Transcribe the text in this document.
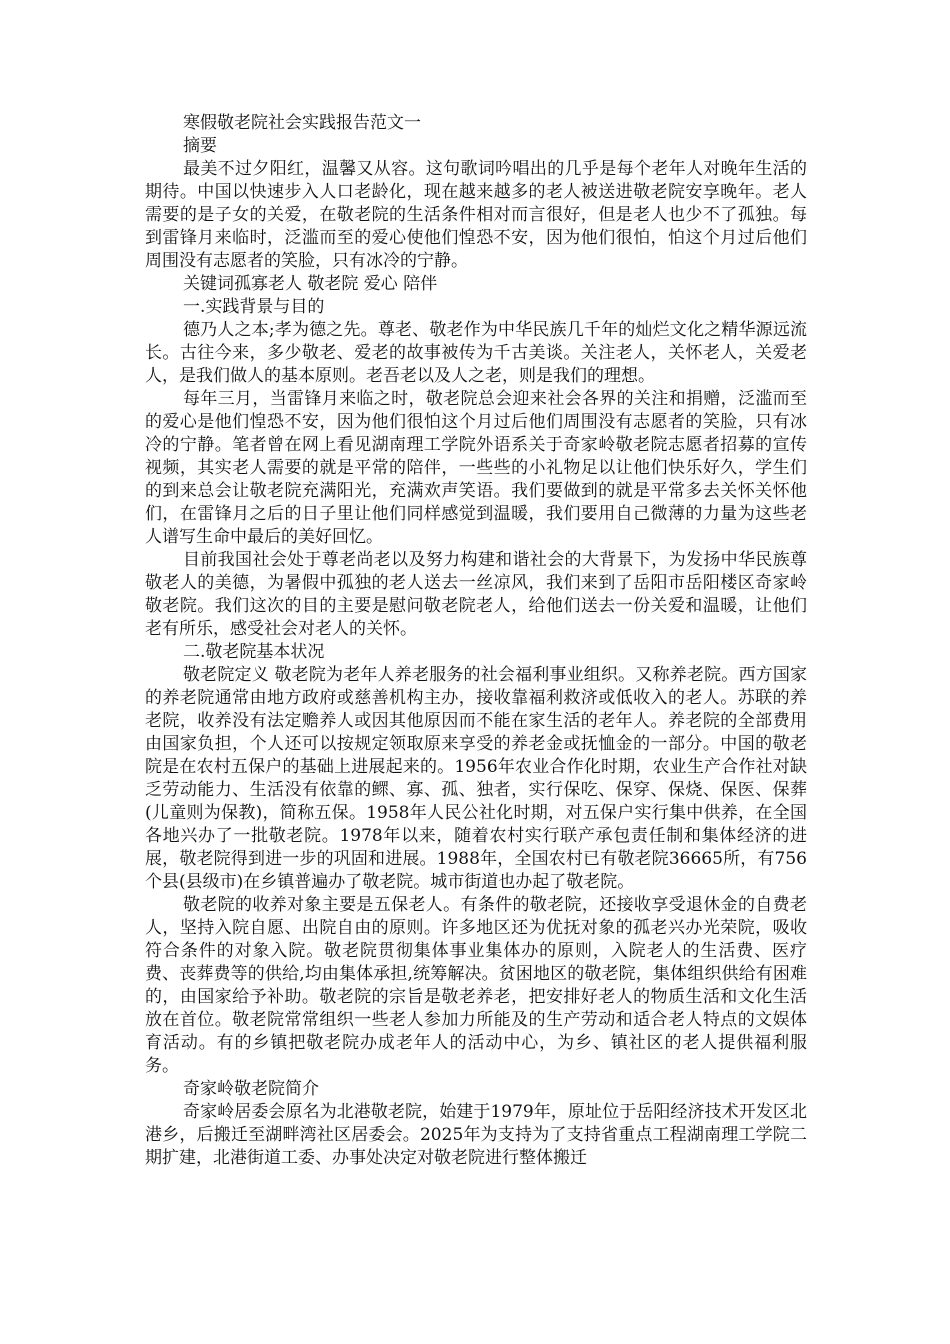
寒假敬老院社会实践报告范文一

摘要

最美不过夕阳红，温馨又从容。这句歌词吟唱出的几乎是每个老年人对晚年生活的期待。中国以快速步入人口老龄化，现在越来越多的老人被送进敬老院安享晚年。老人需要的是子女的关爱，在敬老院的生活条件相对而言很好，但是老人也少不了孤独。每到雷锋月来临时，泛滥而至的爱心使他们惶恐不安，因为他们很怕，怕这个月过后他们周围没有志愿者的笑脸，只有冰冷的宁静。

关键词孤寡老人 敬老院 爱心 陪伴

一.实践背景与目的

德乃人之本;孝为德之先。尊老、敬老作为中华民族几千年的灿烂文化之精华源远流长。古往今来，多少敬老、爱老的故事被传为千古美谈。关注老人，关怀老人，关爱老人，是我们做人的基本原则。老吾老以及人之老，则是我们的理想。

每年三月，当雷锋月来临之时，敬老院总会迎来社会各界的关注和捐赠，泛滥而至的爱心是他们惶恐不安，因为他们很怕这个月过后他们周围没有志愿者的笑脸，只有冰冷的宁静。笔者曾在网上看见湖南理工学院外语系关于奇家岭敬老院志愿者招募的宣传视频，其实老人需要的就是平常的陪伴，一些些的小礼物足以让他们快乐好久，学生们的到来总会让敬老院充满阳光，充满欢声笑语。我们要做到的就是平常多去关怀关怀他们，在雷锋月之后的日子里让他们同样感觉到温暖，我们要用自己微薄的力量为这些老人谱写生命中最后的美好回忆。

目前我国社会处于尊老尚老以及努力构建和谐社会的大背景下，为发扬中华民族尊敬老人的美德，为暑假中孤独的老人送去一丝凉风，我们来到了岳阳市岳阳楼区奇家岭敬老院。我们这次的目的主要是慰问敬老院老人，给他们送去一份关爱和温暖，让他们老有所乐，感受社会对老人的关怀。

二.敬老院基本状况

敬老院定义 敬老院为老年人养老服务的社会福利事业组织。又称养老院。西方国家的养老院通常由地方政府或慈善机构主办，接收靠福利救济或低收入的老人。苏联的养老院，收养没有法定赡养人或因其他原因而不能在家生活的老年人。养老院的全部费用由国家负担，个人还可以按规定领取原来享受的养老金或抚恤金的一部分。中国的敬老院是在农村五保户的基础上进展起来的。1956年农业合作化时期，农业生产合作社对缺乏劳动能力、生活没有依靠的鳏、寡、孤、独者，实行保吃、保穿、保烧、保医、保葬(儿童则为保教)，简称五保。1958年人民公社化时期，对五保户实行集中供养，在全国各地兴办了一批敬老院。1978年以来，随着农村实行联产承包责任制和集体经济的进展，敬老院得到进一步的巩固和进展。1988年，全国农村已有敬老院36665所，有756个县(县级市)在乡镇普遍办了敬老院。城市街道也办起了敬老院。

敬老院的收养对象主要是五保老人。有条件的敬老院，还接收享受退休金的自费老人，坚持入院自愿、出院自由的原则。许多地区还为优抚对象的孤老兴办光荣院，吸收符合条件的对象入院。敬老院贯彻集体事业集体办的原则，入院老人的生活费、医疗费、丧葬费等的供给,均由集体承担,统筹解决。贫困地区的敬老院，集体组织供给有困难的，由国家给予补助。敬老院的宗旨是敬老养老，把安排好老人的物质生活和文化生活放在首位。敬老院常常组织一些老人参加力所能及的生产劳动和适合老人特点的文娱体育活动。有的乡镇把敬老院办成老年人的活动中心，为乡、镇社区的老人提供福利服务。

奇家岭敬老院简介

奇家岭居委会原名为北港敬老院，始建于1979年，原址位于岳阳经济技术开发区北港乡，后搬迁至湖畔湾社区居委会。2025年为支持为了支持省重点工程湖南理工学院二期扩建，北港街道工委、办事处决定对敬老院进行整体搬迁
